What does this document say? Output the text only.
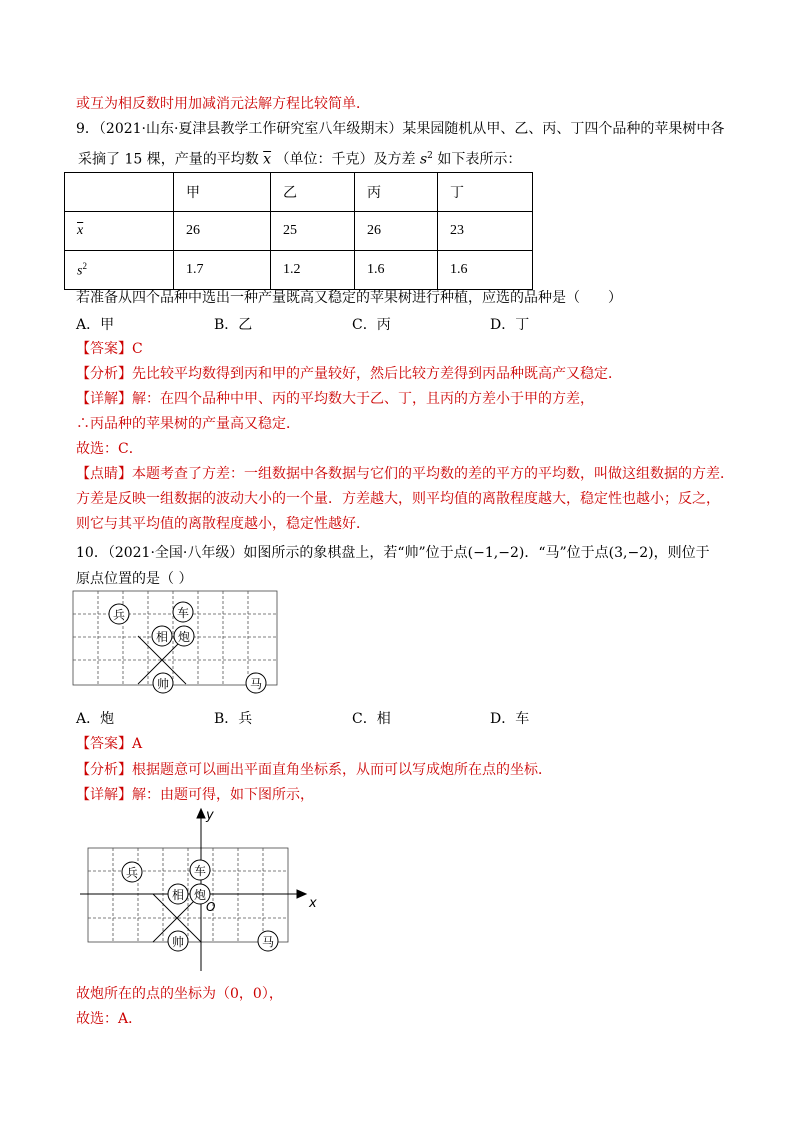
或互为相反数时用加减消元法解方程比较简单．
9．（2021·山东·夏津县教学工作研究室八年级期末）某果园随机从甲、乙、丙、丁四个品种的苹果树中各
采摘了 15 棵，产量的平均数 $\overline{x}$ （单位：千克）及方差 $s^2$ 如下表所示：
	甲	乙	丙	丁
$\overline{x}$	26	25	26	23
$s^2$	1.7	1.2	1.6	1.6
若准备从四个品种中选出一种产量既高又稳定的苹果树进行种植，应选的品种是（　　）
A．甲	B．乙	C．丙	D．丁
【答案】C
【分析】先比较平均数得到丙和甲的产量较好，然后比较方差得到丙品种既高产又稳定．
【详解】解：在四个品种中甲、丙的平均数大于乙、丁，且丙的方差小于甲的方差，
∴丙品种的苹果树的产量高又稳定．
故选：C．
【点睛】本题考查了方差：一组数据中各数据与它们的平均数的差的平方的平均数，叫做这组数据的方差．
方差是反映一组数据的波动大小的一个量．方差越大，则平均值的离散程度越大，稳定性也越小；反之，
则它与其平均值的离散程度越小，稳定性越好．
10．（2021·全国·八年级）如图所示的象棋盘上，若“帅”位于点(−1,−2)．“马”位于点(3,−2)，则位于
原点位置的是（ ）
兵	车
相 炮
帅	马
A．炮	B．兵	C．相	D．车
【答案】A
【分析】根据题意可以画出平面直角坐标系，从而可以写成炮所在点的坐标．
【详解】解：由题可得，如下图所示，
x
y
O
兵	车
相 炮
帅	马
故炮所在的点的坐标为（0，0），
故选：A．
